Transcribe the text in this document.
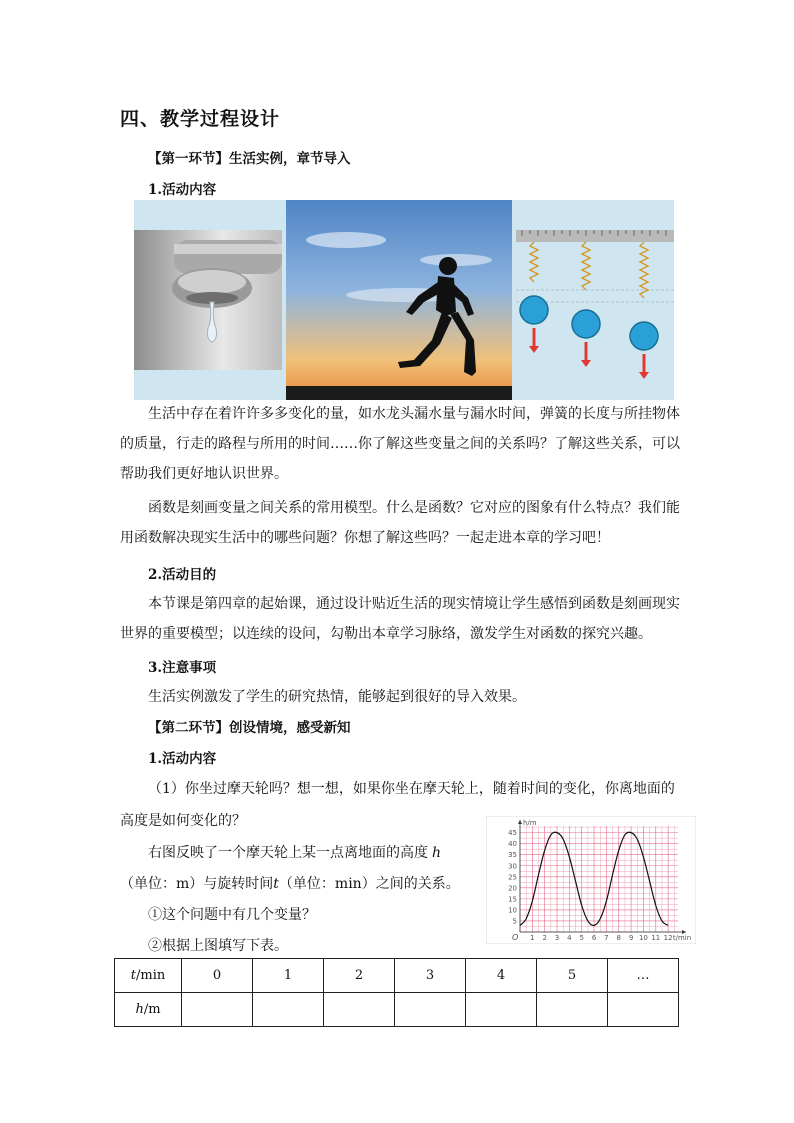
四、教学过程设计
【第一环节】生活实例，章节导入
1.活动内容
生活中存在着许许多多变化的量，如水龙头漏水量与漏水时间，弹簧的长度与所挂物体
的质量，行走的路程与所用的时间……你了解这些变量之间的关系吗？了解这些关系，可以
帮助我们更好地认识世界。
函数是刻画变量之间关系的常用模型。什么是函数？它对应的图象有什么特点？我们能
用函数解决现实生活中的哪些问题？你想了解这些吗？一起走进本章的学习吧！
2.活动目的
本节课是第四章的起始课，通过设计贴近生活的现实情境让学生感悟到函数是刻画现实
世界的重要模型；以连续的设问，勾勒出本章学习脉络，激发学生对函数的探究兴趣。
3.注意事项
生活实例激发了学生的研究热情，能够起到很好的导入效果。
【第二环节】创设情境，感受新知
1.活动内容
（1）你坐过摩天轮吗？想一想，如果你坐在摩天轮上，随着时间的变化，你离地面的
高度是如何变化的？
右图反映了一个摩天轮上某一点离地面的高度 h
（单位：m）与旋转时间t（单位：min）之间的关系。
①这个问题中有几个变量？
②根据上图填写下表。	1 2 3 4 5 6 7 8 9 10 11 12
5
10
15
20
25
30
35
40
45
t/min
h/m
O
t/min	0	1	2	3	4	5	…
h/m							
